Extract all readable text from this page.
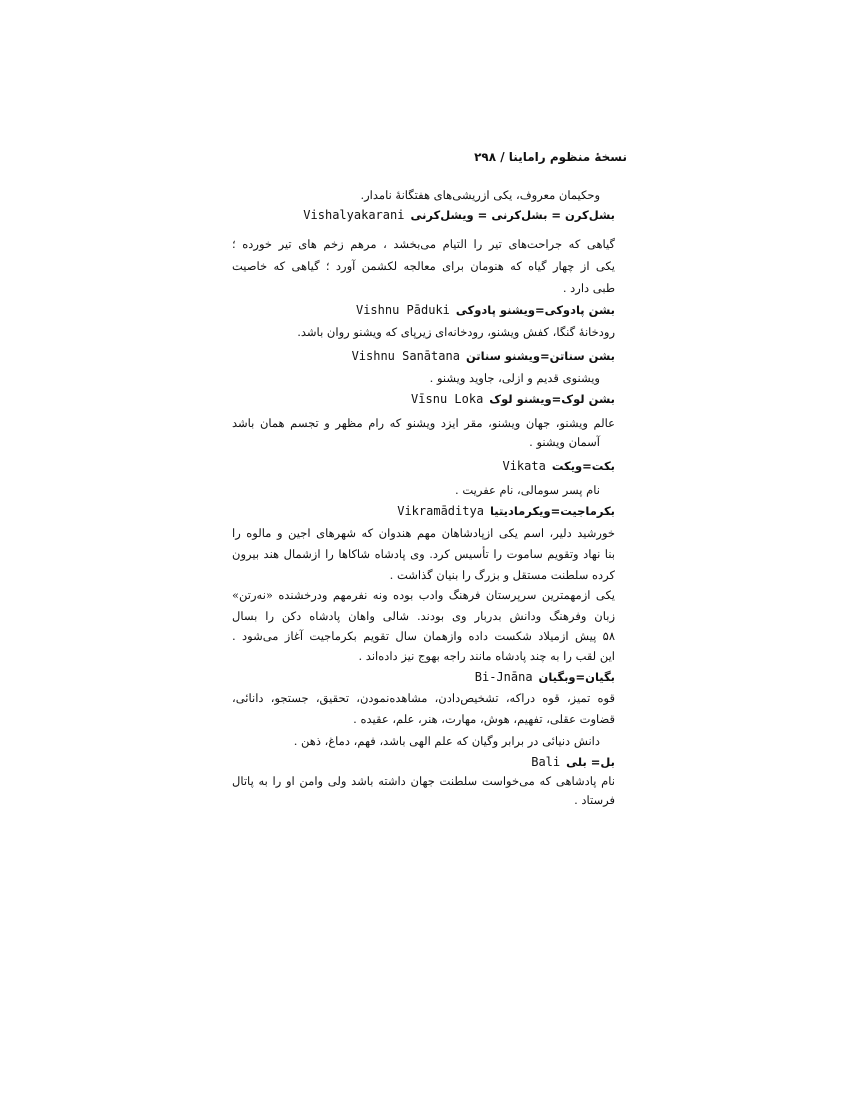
نسخهٔ منظوم راماینا / ۲۹۸
وحکیمان معروف، یکی ازریشی‌های هفتگانهٔ نامدار.
بشل‌کرن = بشل‌کرنی = ویشل‌کرنیVishalyakarani
گیاهی که جراحت‌های تیر را التیام می‌بخشد ، مرهم زخم های تیر خورده ؛
یکی از چهار گیاه که هنومان برای معالجه لکشمن آورد ؛ گیاهی که خاصیت
طبی دارد .
بشن پادوکی=ویشنو پادوکیVishnu Pāduki
رودخانهٔ گنگا، کفش ویشنو، رودخانه‌ای زیرپای که ویشنو روان باشد.
بشن سناتن=ویشنو سناتنVishnu Sanātana
ویشنوی قدیم و ازلی، جاوید ویشنو .
بشن لوک=ویشنو لوکVīsnu Loka
عالم ویشنو، جهان ویشنو، مقر ایزد ویشنو که رام مظهر و تجسم همان باشد
آسمان ویشنو .
بکت=ویکتVikata
نام پسر سومالی، نام عفریت .
بکرماجیت=ویکرمادیتیاVikramāditya
خورشید دلیر، اسم یکی ازپادشاهان مهم هندوان که شهرهای اجین و مالوه را
بنا نهاد وتقویم ساموت را تأسیس کرد. وی پادشاه شاکاها را ازشمال هند بیرون
کرده سلطنت مستقل و بزرگ را بنیان گذاشت .
یکی ازمهمترین سرپرستان فرهنگ وادب بوده ونه نفرمهم ودرخشنده «نه‌رتن»
زبان وفرهنگ ودانش بدربار وی بودند. شالی واهان پادشاه دکن را بسال
۵۸ پیش ازمیلاد شکست داده وازهمان سال تقویم بکرماجیت آغاز می‌شود .
این لقب را به چند پادشاه مانند راجه بهوج نیز داده‌اند .
بگیان=وبگیانBi-Jnāna
قوه تمیز، قوه دراکه، تشخیص‌دادن، مشاهده‌نمودن، تحقیق، جستجو، دانائی،
قضاوت عقلی، تفهیم، هوش، مهارت، هنر، علم، عقیده .
دانش دنیائی در برابر وگیان که علم الهی باشد، فهم، دماغ، ذهن .
بل= بلیBali
نام پادشاهی که می‌خواست سلطنت جهان داشته باشد ولی وامن او را به پاتال
فرستاد .
